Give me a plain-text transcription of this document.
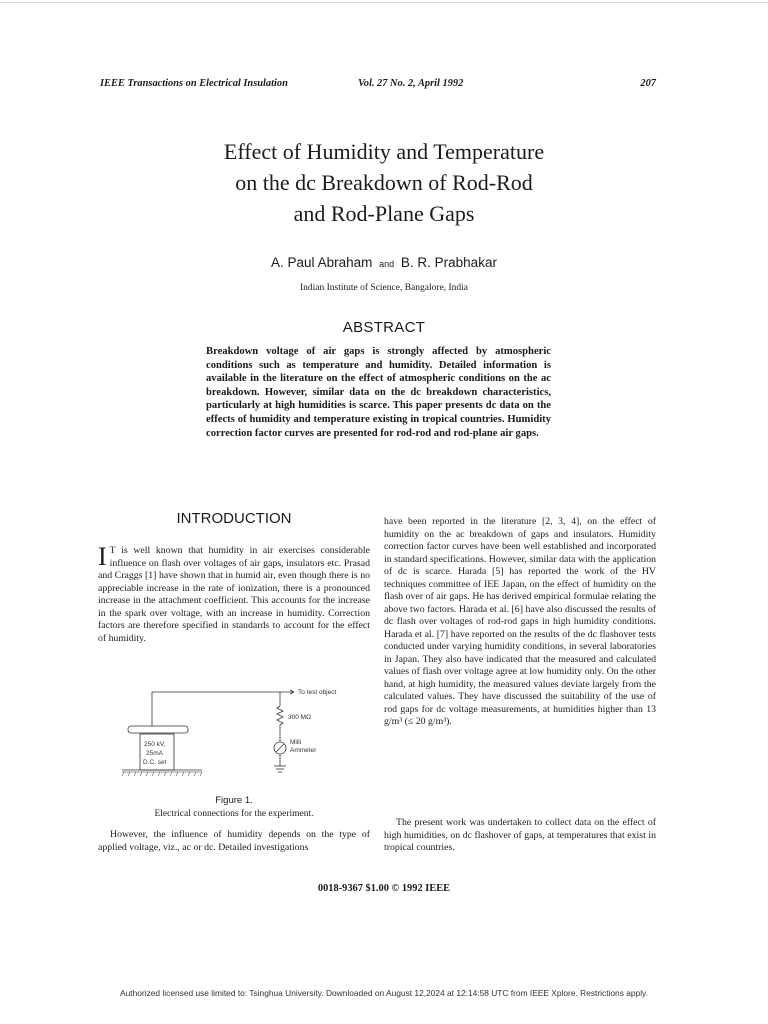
IEEE Transactions on Electrical Insulation	Vol. 27 No. 2, April 1992	207
Effect of Humidity and Temperature
on the dc Breakdown of Rod-Rod
and Rod-Plane Gaps
A. Paul Abraham and B. R. Prabhakar
Indian Institute of Science, Bangalore, India
ABSTRACT
Breakdown voltage of air gaps is strongly affected by atmospheric conditions such as temperature and humidity. Detailed information is available in the literature on the effect of atmospheric conditions on the ac breakdown. However, similar data on the dc breakdown characteristics, particularly at high humidities is scarce. This paper presents dc data on the effects of humidity and temperature existing in tropical countries. Humidity correction factor curves are presented for rod-rod and rod-plane air gaps.
INTRODUCTION
I T is well known that humidity in air exercises considerable influence on flash over voltages of air gaps, insulators etc. Prasad and Craggs [1] have shown that in humid air, even though there is no appreciable increase in the rate of ionization, there is a pronounced increase in the attachment coefficient. This accounts for the increase in the spark over voltage, with an increase in humidity. Correction factors are therefore specified in standards to account for the effect of humidity.
To test object
300 MΩ
Milli
Ammeter
250 kV,
25mA
D.C. set
Figure 1.
Electrical connections for the experiment.
However, the influence of humidity depends on the type of applied voltage, viz., ac or dc. Detailed investigations
have been reported in the literature [2, 3, 4], on the effect of humidity on the ac breakdown of gaps and insulators. Humidity correction factor curves have been well established and incorporated in standard specifications. However, similar data with the application of dc is scarce. Harada [5] has reported the work of the HV techniques committee of IEE Japan, on the effect of humidity on the flash over of air gaps. He has derived empirical formulae relating the above two factors. Harada et al. [6] have also discussed the results of dc flash over voltages of rod-rod gaps in high humidity conditions. Harada et al. [7] have reported on the results of the dc flashover tests conducted under varying humidity conditions, in several laboratories in Japan. They also have indicated that the measured and calculated values of flash over voltage agree at low humidity only. On the other hand, at high humidity, the measured values deviate largely from the calculated values. They have discussed the suitability of the use of rod gaps for dc voltage measurements, at humidities higher than 13 g/m³ (≤ 20 g/m³).
The present work was undertaken to collect data on the effect of high humidities, on dc flashover of gaps, at temperatures that exist in tropical countries.
0018-9367 $1.00 © 1992 IEEE
Authorized licensed use limited to: Tsinghua University. Downloaded on August 12,2024 at 12:14:58 UTC from IEEE Xplore. Restrictions apply.
